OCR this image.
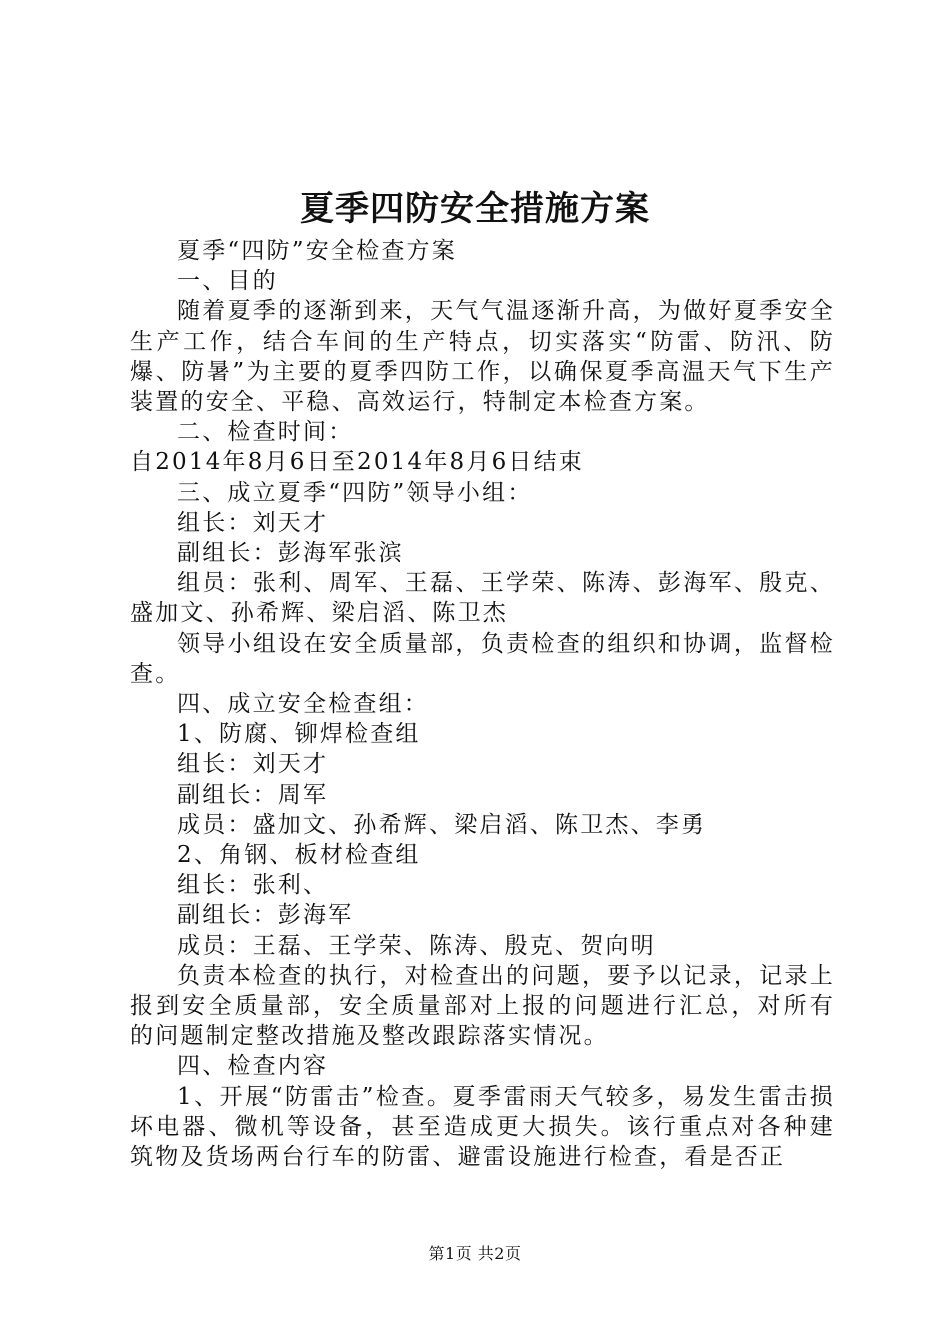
夏季四防安全措施方案

夏季“四防”安全检查方案

一、目的

随着夏季的逐渐到来，天气气温逐渐升高，为做好夏季安全生产工作，结合车间的生产特点，切实落实“防雷、防汛、防爆、防暑”为主要的夏季四防工作，以确保夏季高温天气下生产装置的安全、平稳、高效运行，特制定本检查方案。

二、检查时间：

自2014年8月6日至2014年8月6日结束

三、成立夏季“四防”领导小组：

组长：刘天才

副组长：彭海军张滨

组员：张利、周军、王磊、王学荣、陈涛、彭海军、殷克、盛加文、孙希辉、梁启滔、陈卫杰

领导小组设在安全质量部，负责检查的组织和协调，监督检查。

四、成立安全检查组：

1、防腐、铆焊检查组

组长：刘天才

副组长：周军

成员：盛加文、孙希辉、梁启滔、陈卫杰、李勇

2、角钢、板材检查组

组长：张利、

副组长：彭海军

成员：王磊、王学荣、陈涛、殷克、贺向明

负责本检查的执行，对检查出的问题，要予以记录，记录上报到安全质量部，安全质量部对上报的问题进行汇总，对所有的问题制定整改措施及整改跟踪落实情况。

四、检查内容

1、开展“防雷击”检查。夏季雷雨天气较多，易发生雷击损坏电器、微机等设备，甚至造成更大损失。该行重点对各种建筑物及货场两台行车的防雷、避雷设施进行检查，看是否正

第1页 共2页
